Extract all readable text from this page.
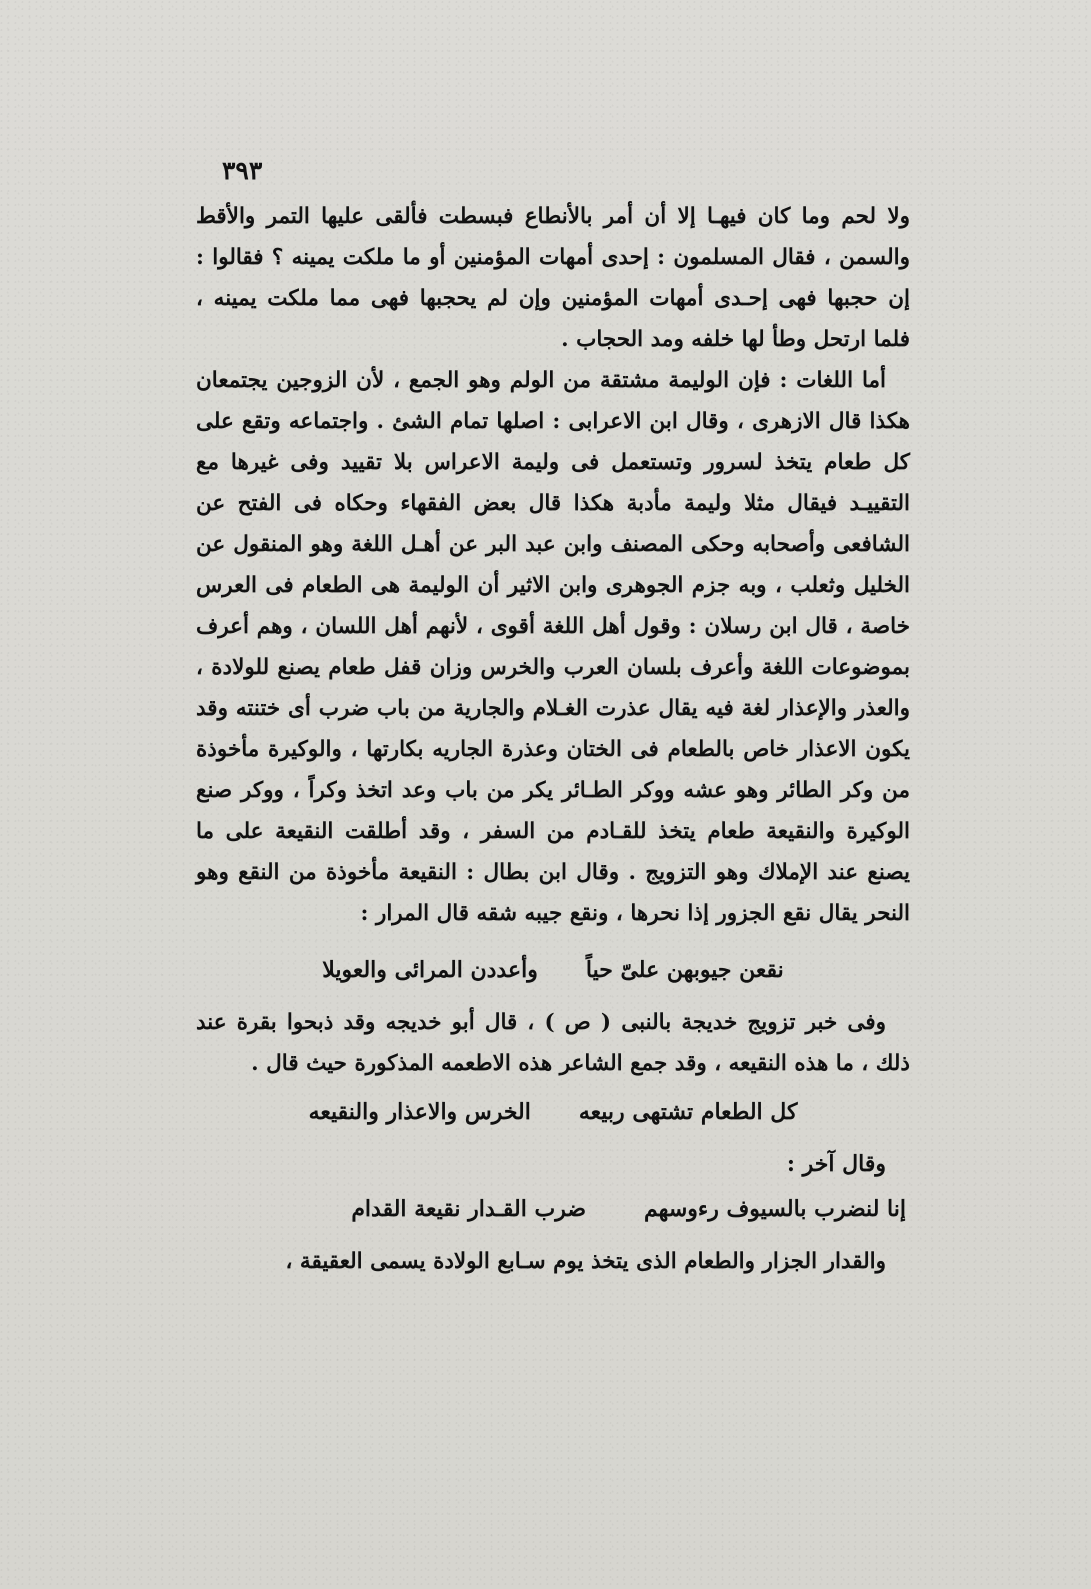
٣٩٣

ولا لحم وما كان فيهـا إلا أن أمر بالأنطاع فبسطت فألقى عليها التمر والأقط والسمن ، فقال المسلمون : إحدى أمهات المؤمنين أو ما ملكت يمينه ؟ فقالوا : إن حجبها فهى إحـدى أمهات المؤمنين وإن لم يحجبها فهى مما ملكت يمينه ، فلما ارتحل وطأ لها خلفه ومد الحجاب .

أما اللغات : فإن الوليمة مشتقة من الولم وهو الجمع ، لأن الزوجين يجتمعان هكذا قال الازهرى ، وقال ابن الاعرابى : اصلها تمام الشئ . واجتماعه وتقع على كل طعام يتخذ لسرور وتستعمل فى وليمة الاعراس بلا تقييد وفى غيرها مع التقييـد فيقال مثلا وليمة مأدبة هكذا قال بعض الفقهاء وحكاه فى الفتح عن الشافعى وأصحابه وحكى المصنف وابن عبد البر عن أهـل اللغة وهو المنقول عن الخليل وثعلب ، وبه جزم الجوهرى وابن الاثير أن الوليمة هى الطعام فى العرس خاصة ، قال ابن رسلان : وقول أهل اللغة أقوى ، لأنهم أهل اللسان ، وهم أعرف بموضوعات اللغة وأعرف بلسان العرب والخرس وزان قفل طعام يصنع للولادة ، والعذر والإعذار لغة فيه يقال عذرت الغـلام والجارية من باب ضرب أى ختنته وقد يكون الاعذار خاص بالطعام فى الختان وعذرة الجاريه بكارتها ، والوكيرة مأخوذة من وكر الطائر وهو عشه ووكر الطـائر يكر من باب وعد اتخذ وكراً ، ووكر صنع الوكيرة والنقيعة طعام يتخذ للقـادم من السفر ، وقد أطلقت النقيعة على ما يصنع عند الإملاك وهو التزويج . وقال ابن بطال : النقيعة مأخوذة من النقع وهو النحر يقال نقع الجزور إذا نحرها ، ونقع جيبه شقه قال المرار :

نقعن جيوبهن علىّ حياً
وأعددن المرائى والعويلا

وفى خبر تزويج خديجة بالنبى ( ص ) ، قال أبو خديجه وقد ذبحوا بقرة عند ذلك ، ما هذه النقيعه ، وقد جمع الشاعر هذه الاطعمه المذكورة حيث قال .

كل الطعام تشتهى ربيعه
الخرس والاعذار والنقيعه

وقال آخر :

إنا لنضرب بالسيوف رءوسهم
ضرب القـدار نقيعة القدام

والقدار الجزار والطعام الذى يتخذ يوم سـابع الولادة يسمى العقيقة ،
